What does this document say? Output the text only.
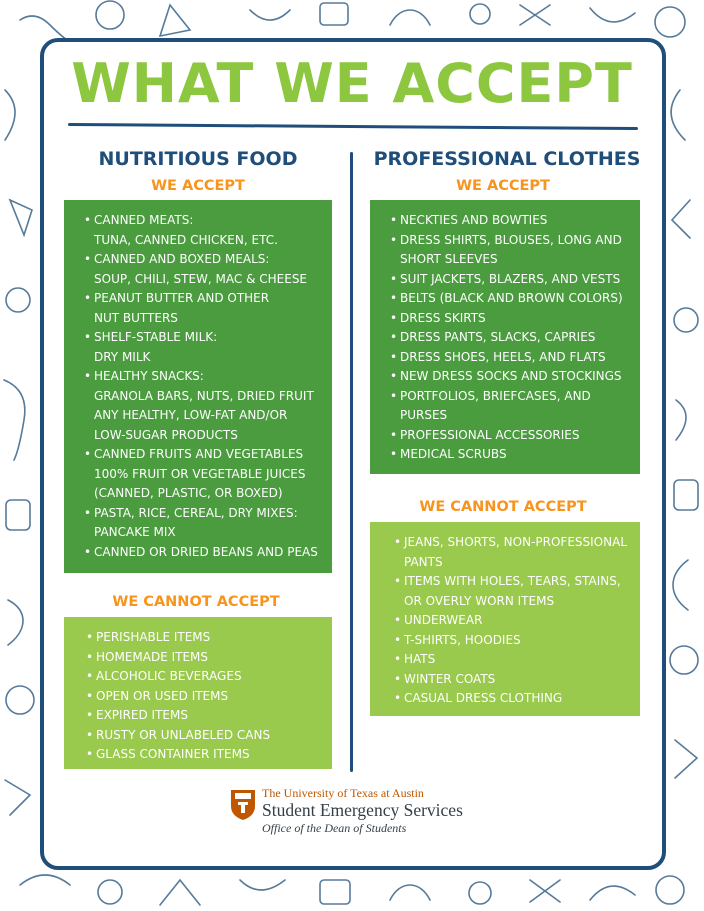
WHAT WE ACCEPT
NUTRITIOUS FOOD
WE ACCEPT
• CANNED MEATS:
TUNA, CANNED CHICKEN, ETC.
• CANNED AND BOXED MEALS:
SOUP, CHILI, STEW, MAC & CHEESE
• PEANUT BUTTER AND OTHER
NUT BUTTERS
• SHELF-STABLE MILK:
DRY MILK
• HEALTHY SNACKS:
GRANOLA BARS, NUTS, DRIED FRUIT
ANY HEALTHY, LOW-FAT AND/OR
LOW-SUGAR PRODUCTS
• CANNED FRUITS AND VEGETABLES
100% FRUIT OR VEGETABLE JUICES
(CANNED, PLASTIC, OR BOXED)
• PASTA, RICE, CEREAL, DRY MIXES:
PANCAKE MIX
• CANNED OR DRIED BEANS AND PEAS
WE CANNOT ACCEPT
• PERISHABLE ITEMS
• HOMEMADE ITEMS
• ALCOHOLIC BEVERAGES
• OPEN OR USED ITEMS
• EXPIRED ITEMS
• RUSTY OR UNLABELED CANS
• GLASS CONTAINER ITEMS
PROFESSIONAL CLOTHES
WE ACCEPT
• NECKTIES AND BOWTIES
• DRESS SHIRTS, BLOUSES, LONG AND
SHORT SLEEVES
• SUIT JACKETS, BLAZERS, AND VESTS
• BELTS (BLACK AND BROWN COLORS)
• DRESS SKIRTS
• DRESS PANTS, SLACKS, CAPRIES
• DRESS SHOES, HEELS, AND FLATS
• NEW DRESS SOCKS AND STOCKINGS
• PORTFOLIOS, BRIEFCASES, AND
PURSES
• PROFESSIONAL ACCESSORIES
• MEDICAL SCRUBS
WE CANNOT ACCEPT
• JEANS, SHORTS, NON-PROFESSIONAL
PANTS
• ITEMS WITH HOLES, TEARS, STAINS,
OR OVERLY WORN ITEMS
• UNDERWEAR
• T-SHIRTS, HOODIES
• HATS
• WINTER COATS
• CASUAL DRESS CLOTHING
The University of Texas at Austin
Student Emergency Services
Office of the Dean of Students
